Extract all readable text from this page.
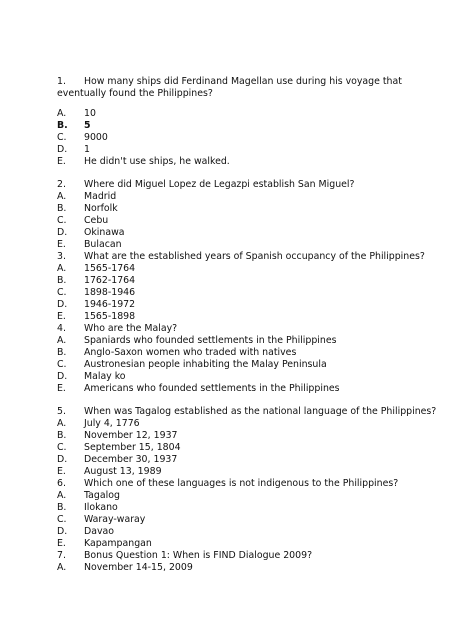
1. How many ships did Ferdinand Magellan use during his voyage that
eventually found the Philippines?
A. 10
B. 5
C. 9000
D. 1
E. He didn't use ships, he walked.
2. Where did Miguel Lopez de Legazpi establish San Miguel?
A. Madrid
B. Norfolk
C. Cebu
D. Okinawa
E. Bulacan
3. What are the established years of Spanish occupancy of the Philippines?
A. 1565-1764
B. 1762-1764
C. 1898-1946
D. 1946-1972
E. 1565-1898
4. Who are the Malay?
A. Spaniards who founded settlements in the Philippines
B. Anglo-Saxon women who traded with natives
C. Austronesian people inhabiting the Malay Peninsula
D. Malay ko
E. Americans who founded settlements in the Philippines
5. When was Tagalog established as the national language of the Philippines?
A. July 4, 1776
B. November 12, 1937
C. September 15, 1804
D. December 30, 1937
E. August 13, 1989
6. Which one of these languages is not indigenous to the Philippines?
A. Tagalog
B. Ilokano
C. Waray-waray
D. Davao
E. Kapampangan
7. Bonus Question 1: When is FIND Dialogue 2009?
A. November 14-15, 2009
